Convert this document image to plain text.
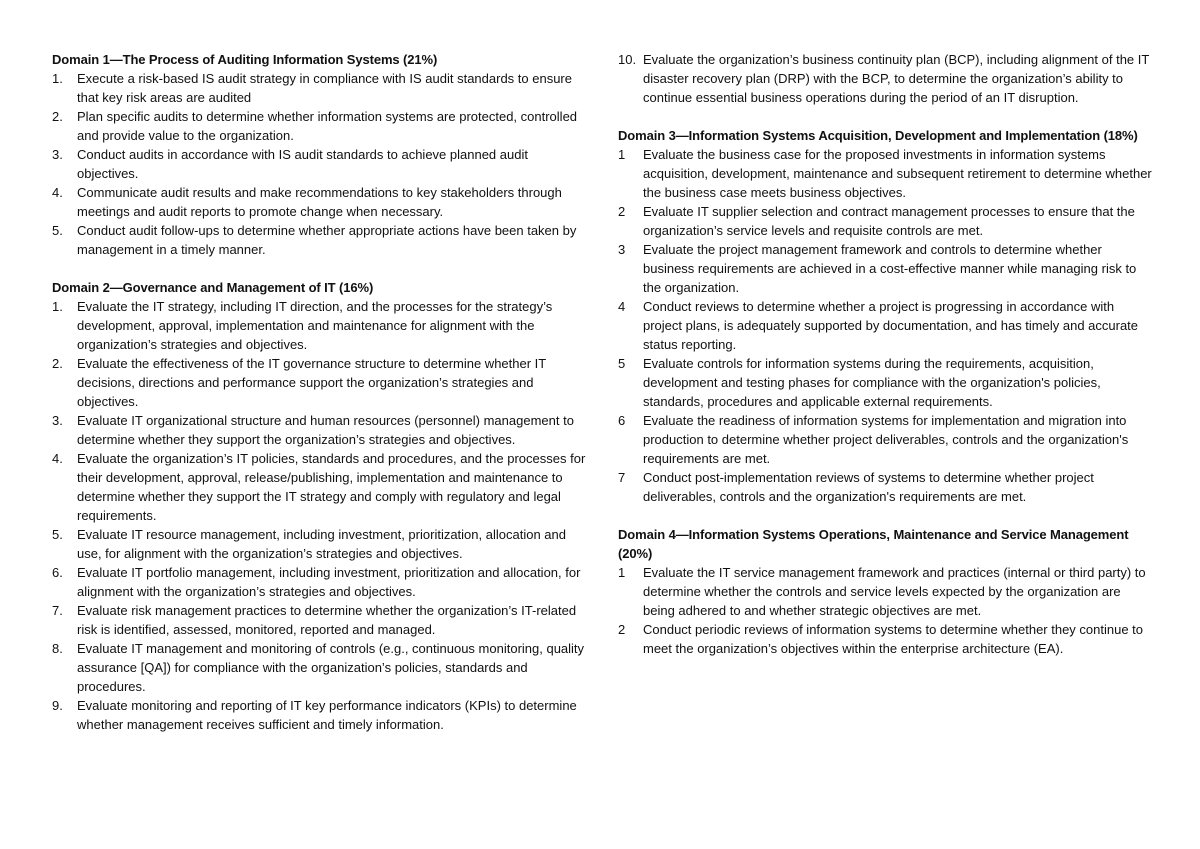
Domain 1—The Process of Auditing Information Systems (21%)
1.	Execute a risk-based IS audit strategy in compliance with IS audit standards to ensure that key risk areas are audited
2.	Plan specific audits to determine whether information systems are protected, controlled and provide value to the organization.
3.	Conduct audits in accordance with IS audit standards to achieve planned audit objectives.
4.	Communicate audit results and make recommendations to key stakeholders through meetings and audit reports to promote change when necessary.
5.	Conduct audit follow-ups to determine whether appropriate actions have been taken by management in a timely manner.
Domain 2—Governance and Management of IT (16%)
1.	Evaluate the IT strategy, including IT direction, and the processes for the strategy’s development, approval, implementation and maintenance for alignment with the organization’s strategies and objectives.
2.	Evaluate the effectiveness of the IT governance structure to determine whether IT decisions, directions and performance support the organization’s strategies and objectives.
3.	Evaluate IT organizational structure and human resources (personnel) management to determine whether they support the organization’s strategies and objectives.
4.	Evaluate the organization’s IT policies, standards and procedures, and the processes for their development, approval, release/publishing, implementation and maintenance to determine whether they support the IT strategy and comply with regulatory and legal requirements.
5.	Evaluate IT resource management, including investment, prioritization, allocation and use, for alignment with the organization’s strategies and objectives.
6.	Evaluate IT portfolio management, including investment, prioritization and allocation, for alignment with the organization’s strategies and objectives.
7.	Evaluate risk management practices to determine whether the organization’s IT-related risk is identified, assessed, monitored, reported and managed.
8.	Evaluate IT management and monitoring of controls (e.g., continuous monitoring, quality assurance [QA]) for compliance with the organization’s policies, standards and procedures.
9.	Evaluate monitoring and reporting of IT key performance indicators (KPIs) to determine whether management receives sufficient and timely information.
10. Evaluate the organization’s business continuity plan (BCP), including alignment of the IT disaster recovery plan (DRP) with the BCP, to determine the organization’s ability to continue essential business operations during the period of an IT disruption.
Domain 3—Information Systems Acquisition, Development and Implementation (18%)
1	Evaluate the business case for the proposed investments in information systems acquisition, development, maintenance and subsequent retirement to determine whether the business case meets business objectives.
2	Evaluate IT supplier selection and contract management processes to ensure that the organization’s service levels and requisite controls are met.
3	Evaluate the project management framework and controls to determine whether business requirements are achieved in a cost-effective manner while managing risk to the organization.
4	Conduct reviews to determine whether a project is progressing in accordance with project plans, is adequately supported by documentation, and has timely and accurate status reporting.
5	Evaluate controls for information systems during the requirements, acquisition, development and testing phases for compliance with the organization's policies, standards, procedures and applicable external requirements.
6	Evaluate the readiness of information systems for implementation and migration into production to determine whether project deliverables, controls and the organization's requirements are met.
7	Conduct post-implementation reviews of systems to determine whether project deliverables, controls and the organization's requirements are met.
Domain 4—Information Systems Operations, Maintenance and Service Management (20%)
1	Evaluate the IT service management framework and practices (internal or third party) to determine whether the controls and service levels expected by the organization are being adhered to and whether strategic objectives are met.
2	Conduct periodic reviews of information systems to determine whether they continue to meet the organization’s objectives within the enterprise architecture (EA).
